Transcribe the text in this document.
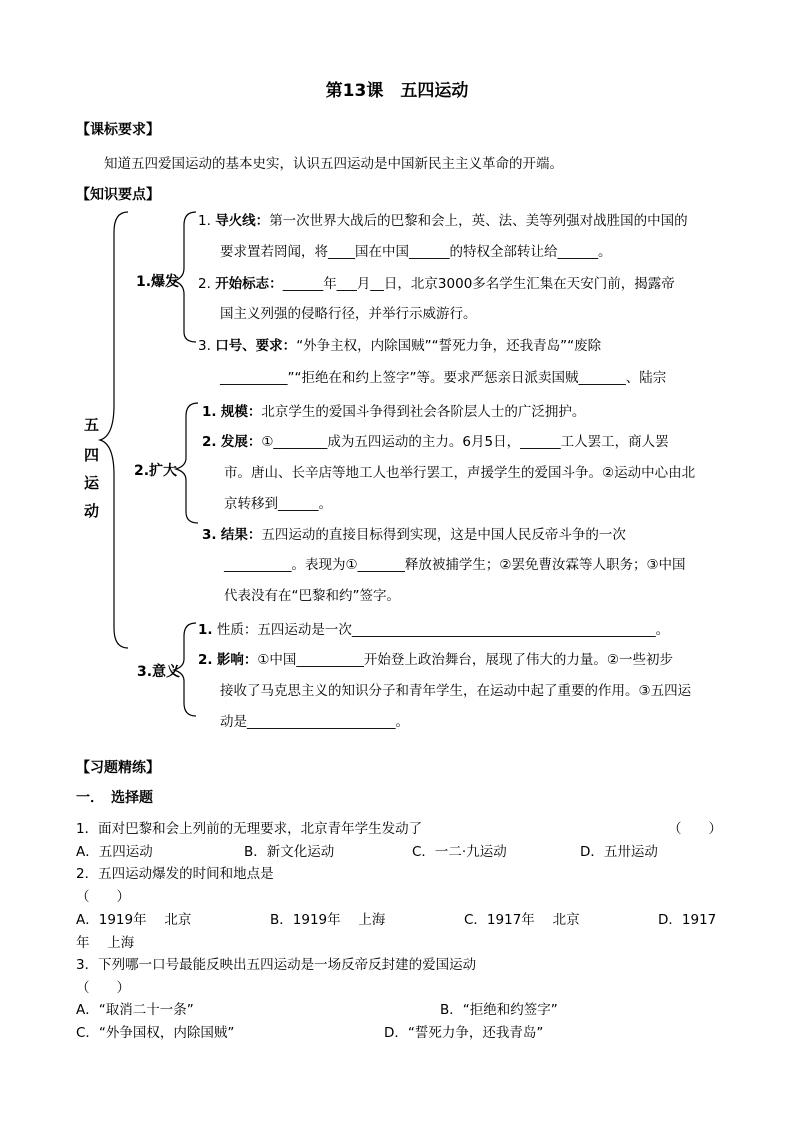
第13课　五四运动
【课标要求】
知道五四爱国运动的基本史实，认识五四运动是中国新民主主义革命的开端。
【知识要点】
五
四
运
动
1.爆发
2.扩大
3.意义
1. 导火线：第一次世界大战后的巴黎和会上，英、法、美等列强对战胜国的中国的
要求置若罔闻，将____国在中国______的特权全部转让给______。
2. 开始标志：______年___月__日，北京3000多名学生汇集在天安门前，揭露帝
国主义列强的侵略行径，并举行示威游行。
3. 口号、要求：“外争主权，内除国贼”“誓死力争，还我青岛”“废除
__________”“拒绝在和约上签字”等。要求严惩亲日派卖国贼_______、陆宗
1. 规模：北京学生的爱国斗争得到社会各阶层人士的广泛拥护。
2. 发展：①________成为五四运动的主力。6月5日，______工人罢工，商人罢
市。唐山、长辛店等地工人也举行罢工，声援学生的爱国斗争。②运动中心由北
京转移到______。
3. 结果：五四运动的直接目标得到实现，这是中国人民反帝斗争的一次
__________。表现为①_______释放被捕学生；②罢免曹汝霖等人职务；③中国
代表没有在“巴黎和约”签字。
1. 性质：五四运动是一次_____________________________________________。
2. 影响：①中国__________开始登上政治舞台，展现了伟大的力量。②一些初步
接收了马克思主义的知识分子和青年学生，在运动中起了重要的作用。③五四运
动是______________________。
【习题精练】
一．　选择题
1．面对巴黎和会上列前的无理要求，北京青年学生发动了	（　　）
A．五四运动	B．新文化运动	C．一二·九运动	D．五卅运动
2．五四运动爆发的时间和地点是
（　　）
A．1919年　 北京	B．1919年　 上海	C．1917年　 北京	D．1917
年　 上海
3．下列哪一口号最能反映出五四运动是一场反帝反封建的爱国运动
（　　）
A．“取消二十一条”	B．“拒绝和约签字”
C．“外争国权，内除国贼”	D．“誓死力争，还我青岛”
